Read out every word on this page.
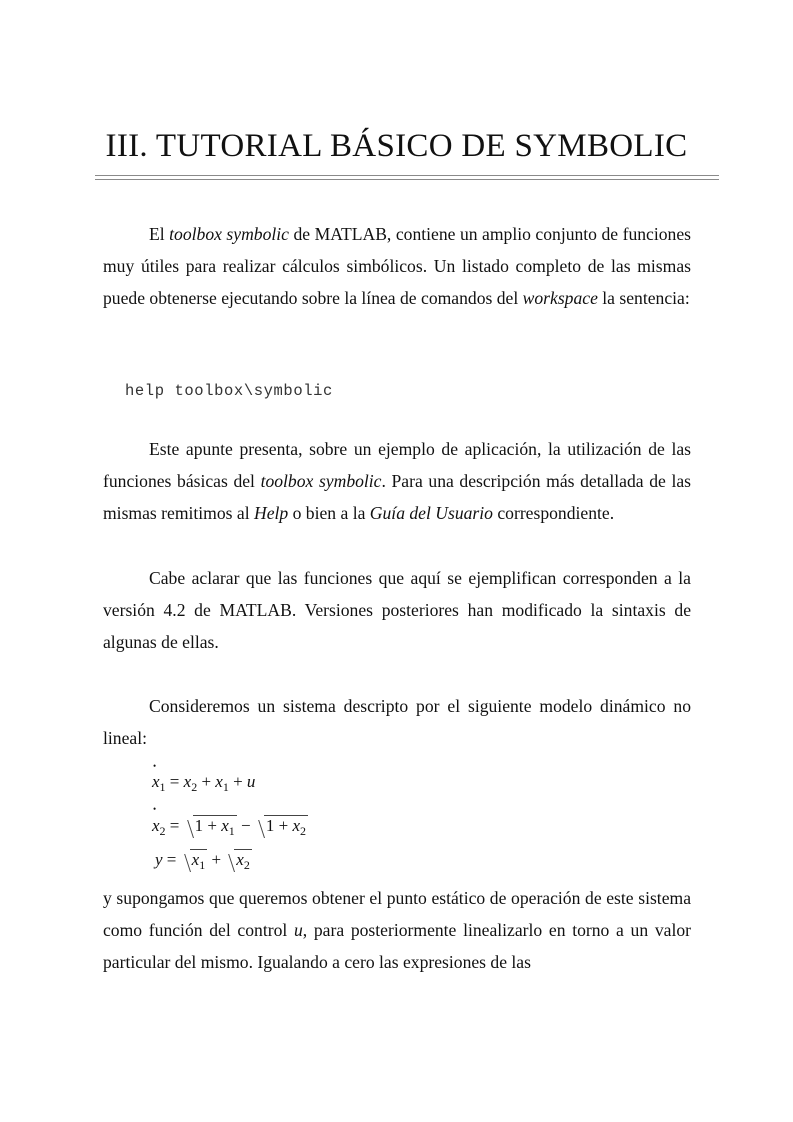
III. TUTORIAL BÁSICO DE SYMBOLIC

El toolbox symbolic de MATLAB, contiene un amplio conjunto de funciones muy útiles para realizar cálculos simbólicos. Un listado completo de las mismas puede obtenerse ejecutando sobre la línea de comandos del workspace la sentencia:

help toolbox\symbolic

Este apunte presenta, sobre un ejemplo de aplicación, la utilización de las funciones básicas del toolbox symbolic. Para una descripción más detallada de las mismas remitimos al Help o bien a la Guía del Usuario correspondiente.

Cabe aclarar que las funciones que aquí se ejemplifican corresponden a la versión 4.2 de MATLAB. Versiones posteriores han modificado la sintaxis de algunas de ellas.

Consideremos un sistema descripto por el siguiente modelo dinámico no lineal:

•
$x_1 = x_2 + x_1 + u$
•
$x_2 = 1 + x_1 - 1 + x_2$
$y = x_1 + x_2$

y supongamos que queremos obtener el punto estático de operación de este sistema como función del control u, para posteriormente linealizarlo en torno a un valor particular del mismo. Igualando a cero las expresiones de las
